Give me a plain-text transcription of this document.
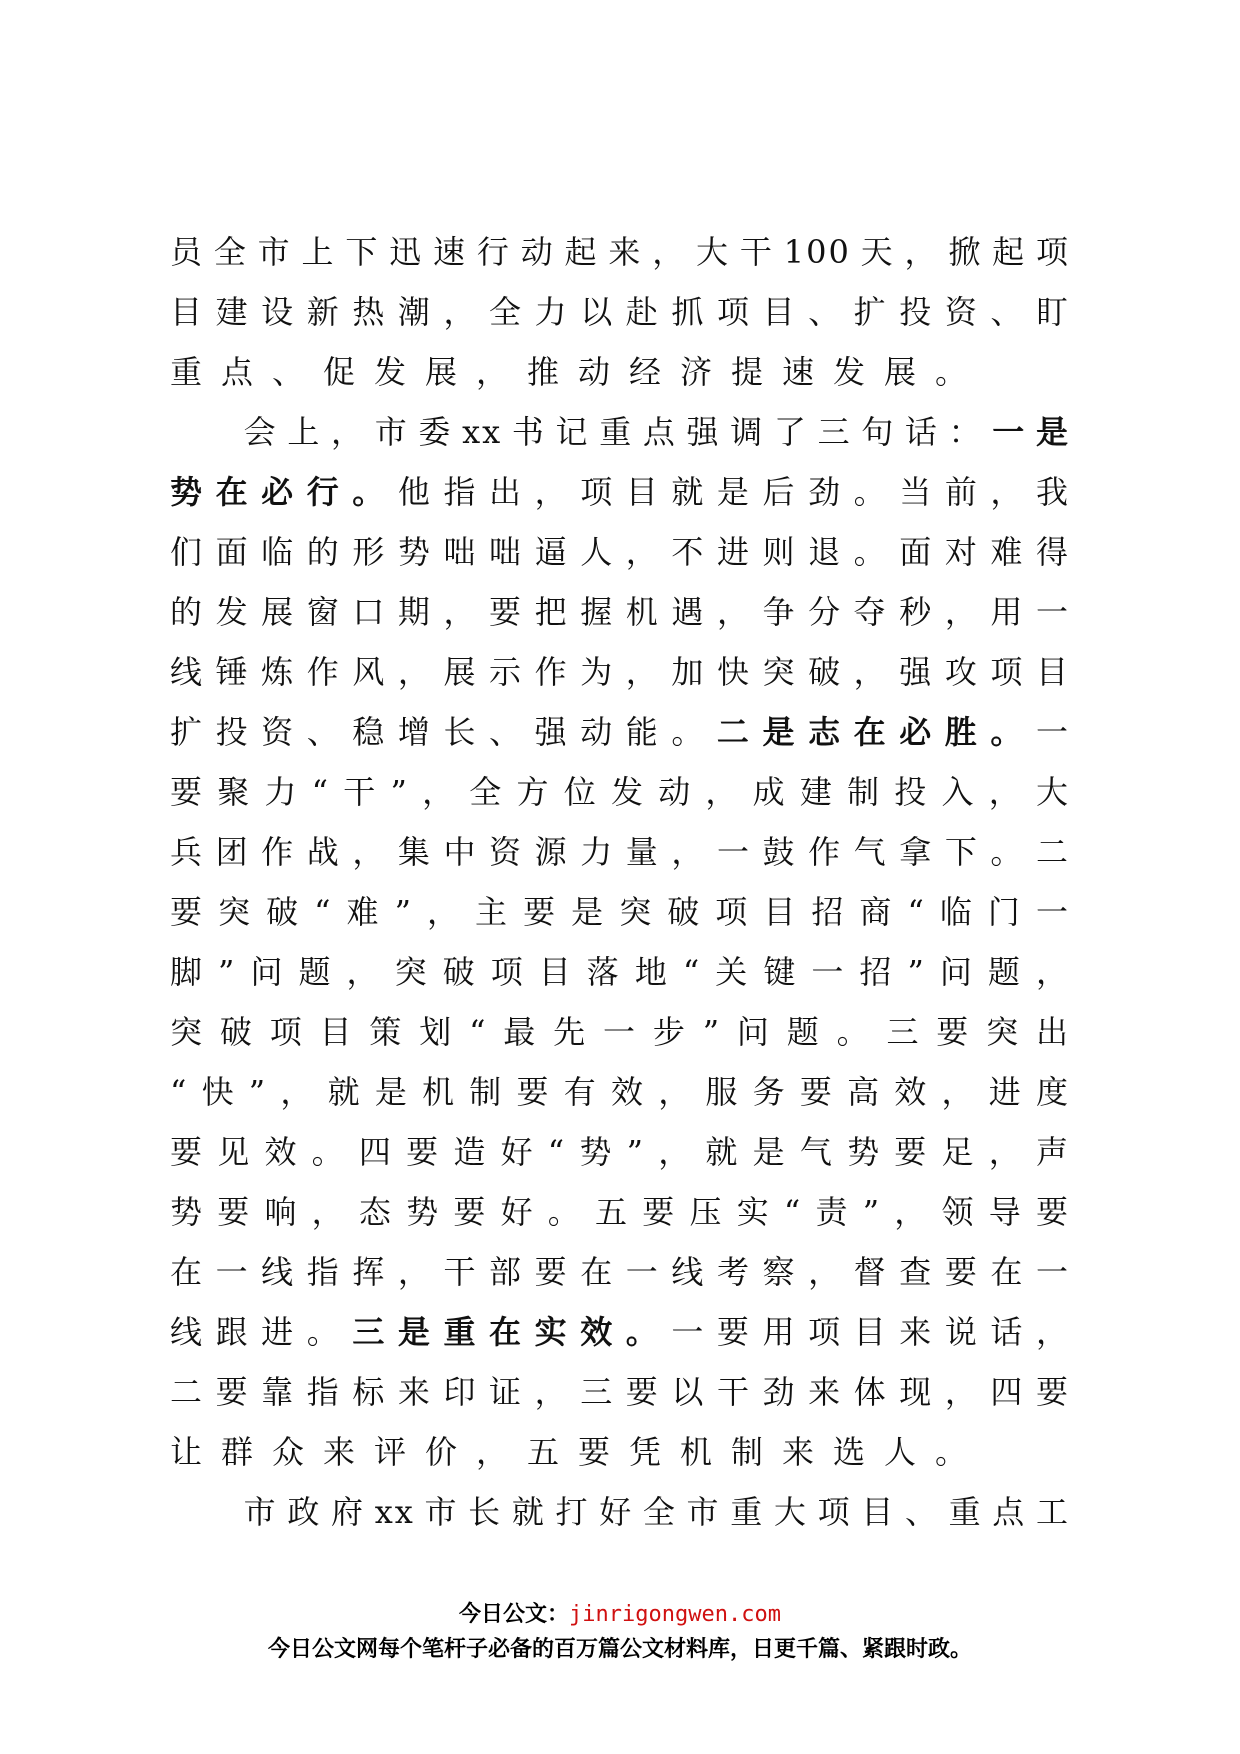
员全市上下迅速行动起来，大干100天，掀起项
目建设新热潮，全力以赴抓项目、扩投资、盯
重点、促发展，推动经济提速发展。
会上，市委xx书记重点强调了三句话：一是
势在必行。他指出，项目就是后劲。当前，我
们面临的形势咄咄逼人，不进则退。面对难得
的发展窗口期，要把握机遇，争分夺秒，用一
线锤炼作风，展示作为，加快突破，强攻项目
扩投资、稳增长、强动能。二是志在必胜。一
要聚力“干”，全方位发动，成建制投入，大
兵团作战，集中资源力量，一鼓作气拿下。二
要突破“难”，主要是突破项目招商“临门一
脚”问题，突破项目落地“关键一招”问题，
突破项目策划“最先一步”问题。三要突出
“快”，就是机制要有效，服务要高效，进度
要见效。四要造好“势”，就是气势要足，声
势要响，态势要好。五要压实“责”，领导要
在一线指挥，干部要在一线考察，督查要在一
线跟进。三是重在实效。一要用项目来说话，
二要靠指标来印证，三要以干劲来体现，四要
让群众来评价，五要凭机制来选人。
市政府xx市长就打好全市重大项目、重点工
今日公文：jinrigongwen.com
今日公文网每个笔杆子必备的百万篇公文材料库，日更千篇、紧跟时政。
